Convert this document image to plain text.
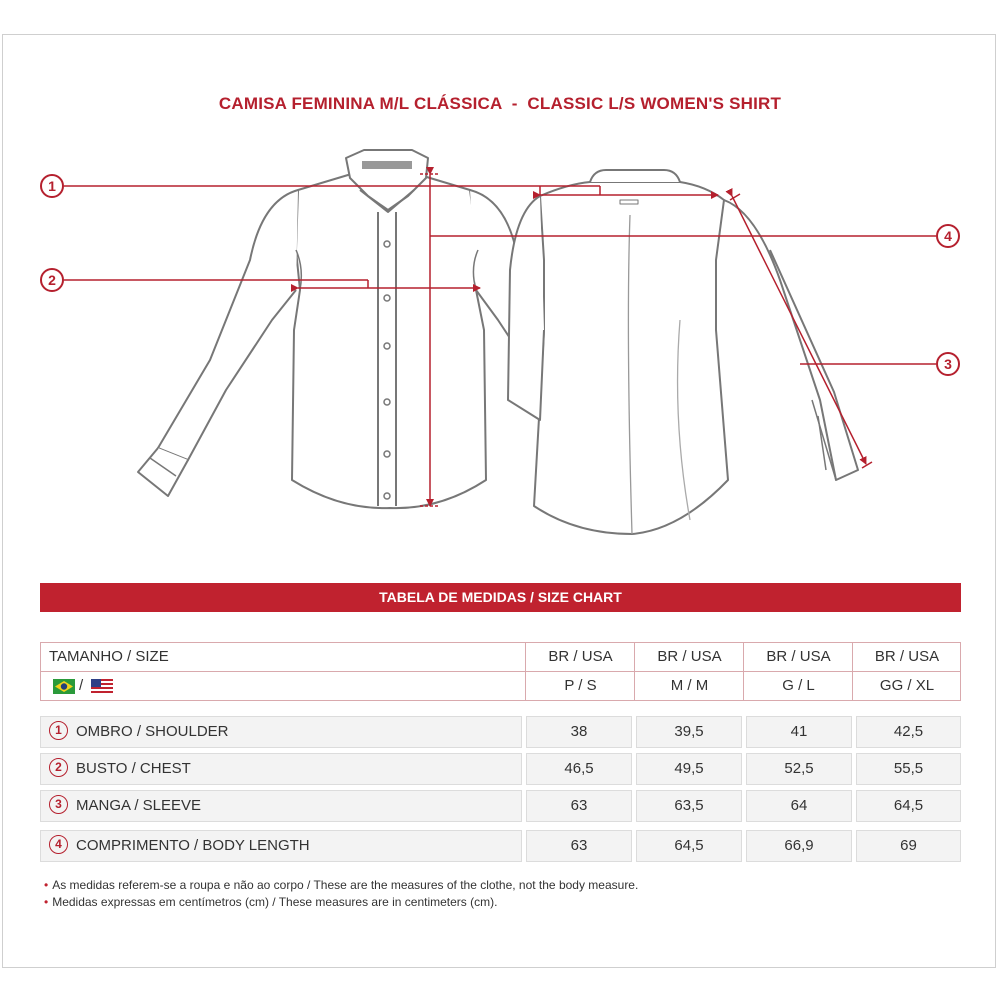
CAMISA FEMININA M/L CLÁSSICA  -  CLASSIC L/S WOMEN'S SHIRT
1
2
3
4
TABELA DE MEDIDAS / SIZE CHART
TAMANHO / SIZE	BR / USA	BR / USA	BR / USA	BR / USA
/	P / S	M / M	G / L	GG / XL
1 OMBRO / SHOULDER	38	39,5	41	42,5
2 BUSTO / CHEST	46,5	49,5	52,5	55,5
3 MANGA / SLEEVE	63	63,5	64	64,5
4 COMPRIMENTO / BODY LENGTH	63	64,5	66,9	69
• As medidas referem-se a roupa e não ao corpo / These are the measures of the clothe, not the body measure.
• Medidas expressas em centímetros (cm) / These measures are in centimeters (cm).
